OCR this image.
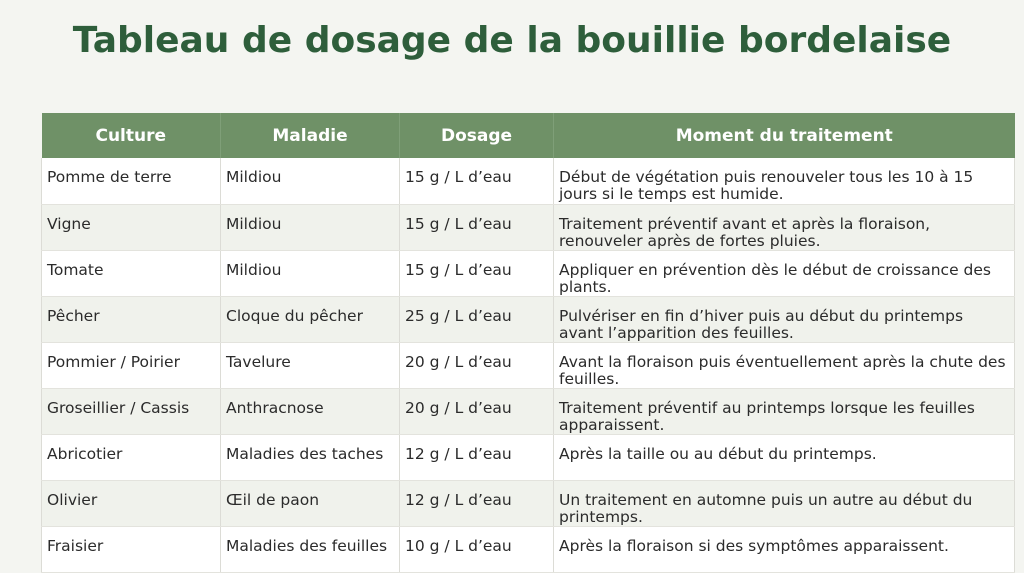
Tableau de dosage de la bouillie bordelaise
Culture	Maladie	Dosage	Moment du traitement
Pomme de terre	Mildiou	15 g / L d’eau	Début de végétation puis renouveler tous les 10 à 15 jours si le temps est humide.
Vigne	Mildiou	15 g / L d’eau	Traitement préventif avant et après la floraison, renouveler après de fortes pluies.
Tomate	Mildiou	15 g / L d’eau	Appliquer en prévention dès le début de croissance des plants.
Pêcher	Cloque du pêcher	25 g / L d’eau	Pulvériser en fin d’hiver puis au début du printemps avant l’apparition des feuilles.
Pommier / Poirier	Tavelure	20 g / L d’eau	Avant la floraison puis éventuellement après la chute des feuilles.
Groseillier / Cassis	Anthracnose	20 g / L d’eau	Traitement préventif au printemps lorsque les feuilles apparaissent.
Abricotier	Maladies des taches	12 g / L d’eau	Après la taille ou au début du printemps.
Olivier	Œil de paon	12 g / L d’eau	Un traitement en automne puis un autre au début du printemps.
Fraisier	Maladies des feuilles	10 g / L d’eau	Après la floraison si des symptômes apparaissent.
